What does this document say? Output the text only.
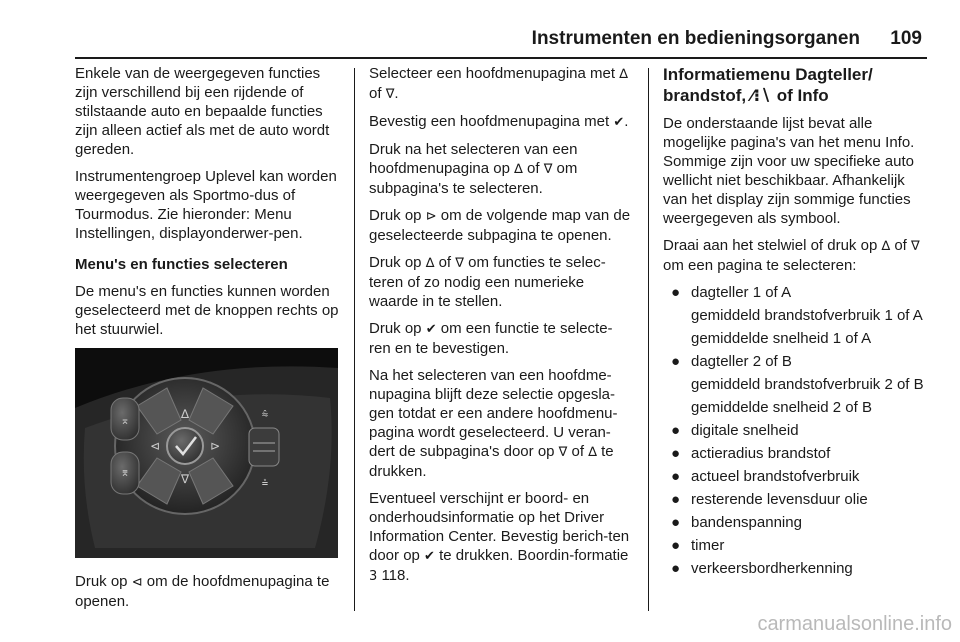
Instrumenten en bedieningsorganen 109

Enkele van de weergegeven functies zijn verschillend bij een rijdende of stilstaande auto en bepaalde functies zijn alleen actief als met de auto wordt gereden.

Instrumentengroep Uplevel kan worden weergegeven als Sportmo-dus of Tourmodus. Zie hieronder: Menu Instellingen, displayonderwer-pen.

Menu's en functies selecteren

De menu's en functies kunnen worden geselecteerd met de knoppen rechts op het stuurwiel.

∆
∇
⊲	⊳
⌅
⌆
⩯
⩮

Druk op ⊲ om de hoofdmenupagina te openen.

Selecteer een hoofdmenupagina met ∆ of ∇.

Bevestig een hoofdmenupagina met ✔.

Druk na het selecteren van een hoofdmenupagina op ∆ of ∇ om subpagina's te selecteren.

Druk op ⊳ om de volgende map van de geselecteerde subpagina te openen.

Druk op ∆ of ∇ om functies te selec-teren of zo nodig een numerieke waarde in te stellen.

Druk op ✔ om een functie te selecte-ren en te bevestigen.

Na het selecteren van een hoofdme-nupagina blijft deze selectie opgesla-gen totdat er een andere hoofdmenu-pagina wordt geselecteerd. U veran-dert de subpagina's door op ∇ of ∆ te drukken.

Eventueel verschijnt er boord- en onderhoudsinformatie op het Driver Information Center. Bevestig berich-ten door op ✔ te drukken. Boordin-formatie 3 118.

Informatiemenu Dagteller/ brandstof, ⁄⁝∖ of Info

De onderstaande lijst bevat alle mogelijke pagina's van het menu Info. Sommige zijn voor uw specifieke auto wellicht niet beschikbaar. Afhankelijk van het display zijn sommige functies weergegeven als symbool.

Draai aan het stelwiel of druk op ∆ of ∇ om een pagina te selecteren:

● dagteller 1 of A
gemiddeld brandstofverbruik 1 of A
gemiddelde snelheid 1 of A
● dagteller 2 of B
gemiddeld brandstofverbruik 2 of B
gemiddelde snelheid 2 of B
● digitale snelheid
● actieradius brandstof
● actueel brandstofverbruik
● resterende levensduur olie
● bandenspanning
● timer
● verkeersbordherkenning
carmanualsonline.info
